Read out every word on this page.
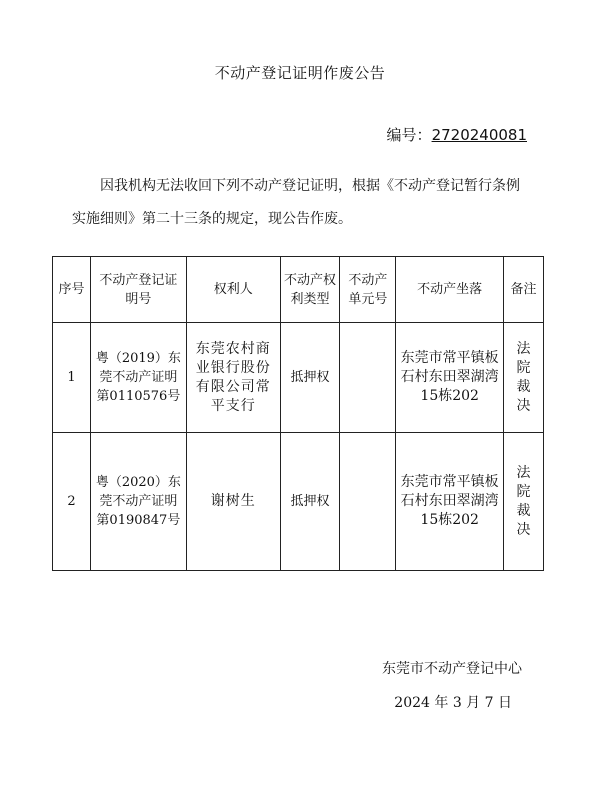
不动产登记证明作废公告
编号：2720240081
因我机构无法收回下列不动产登记证明，根据《不动产登记暂行条例
实施细则》第二十三条的规定，现公告作废。
序号	不动产登记证明号	权利人	不动产权利类型	不动产单元号	不动产坐落	备注
1	粤（2019）东莞不动产证明第0110576号	东莞农村商业银行股份有限公司常平支行	抵押权		东莞市常平镇板石村东田翠湖湾15栋202	法院裁决
2	粤（2020）东莞不动产证明第0190847号	谢树生	抵押权		东莞市常平镇板石村东田翠湖湾15栋202	法院裁决
东莞市不动产登记中心
2024 年 3 月 7 日
